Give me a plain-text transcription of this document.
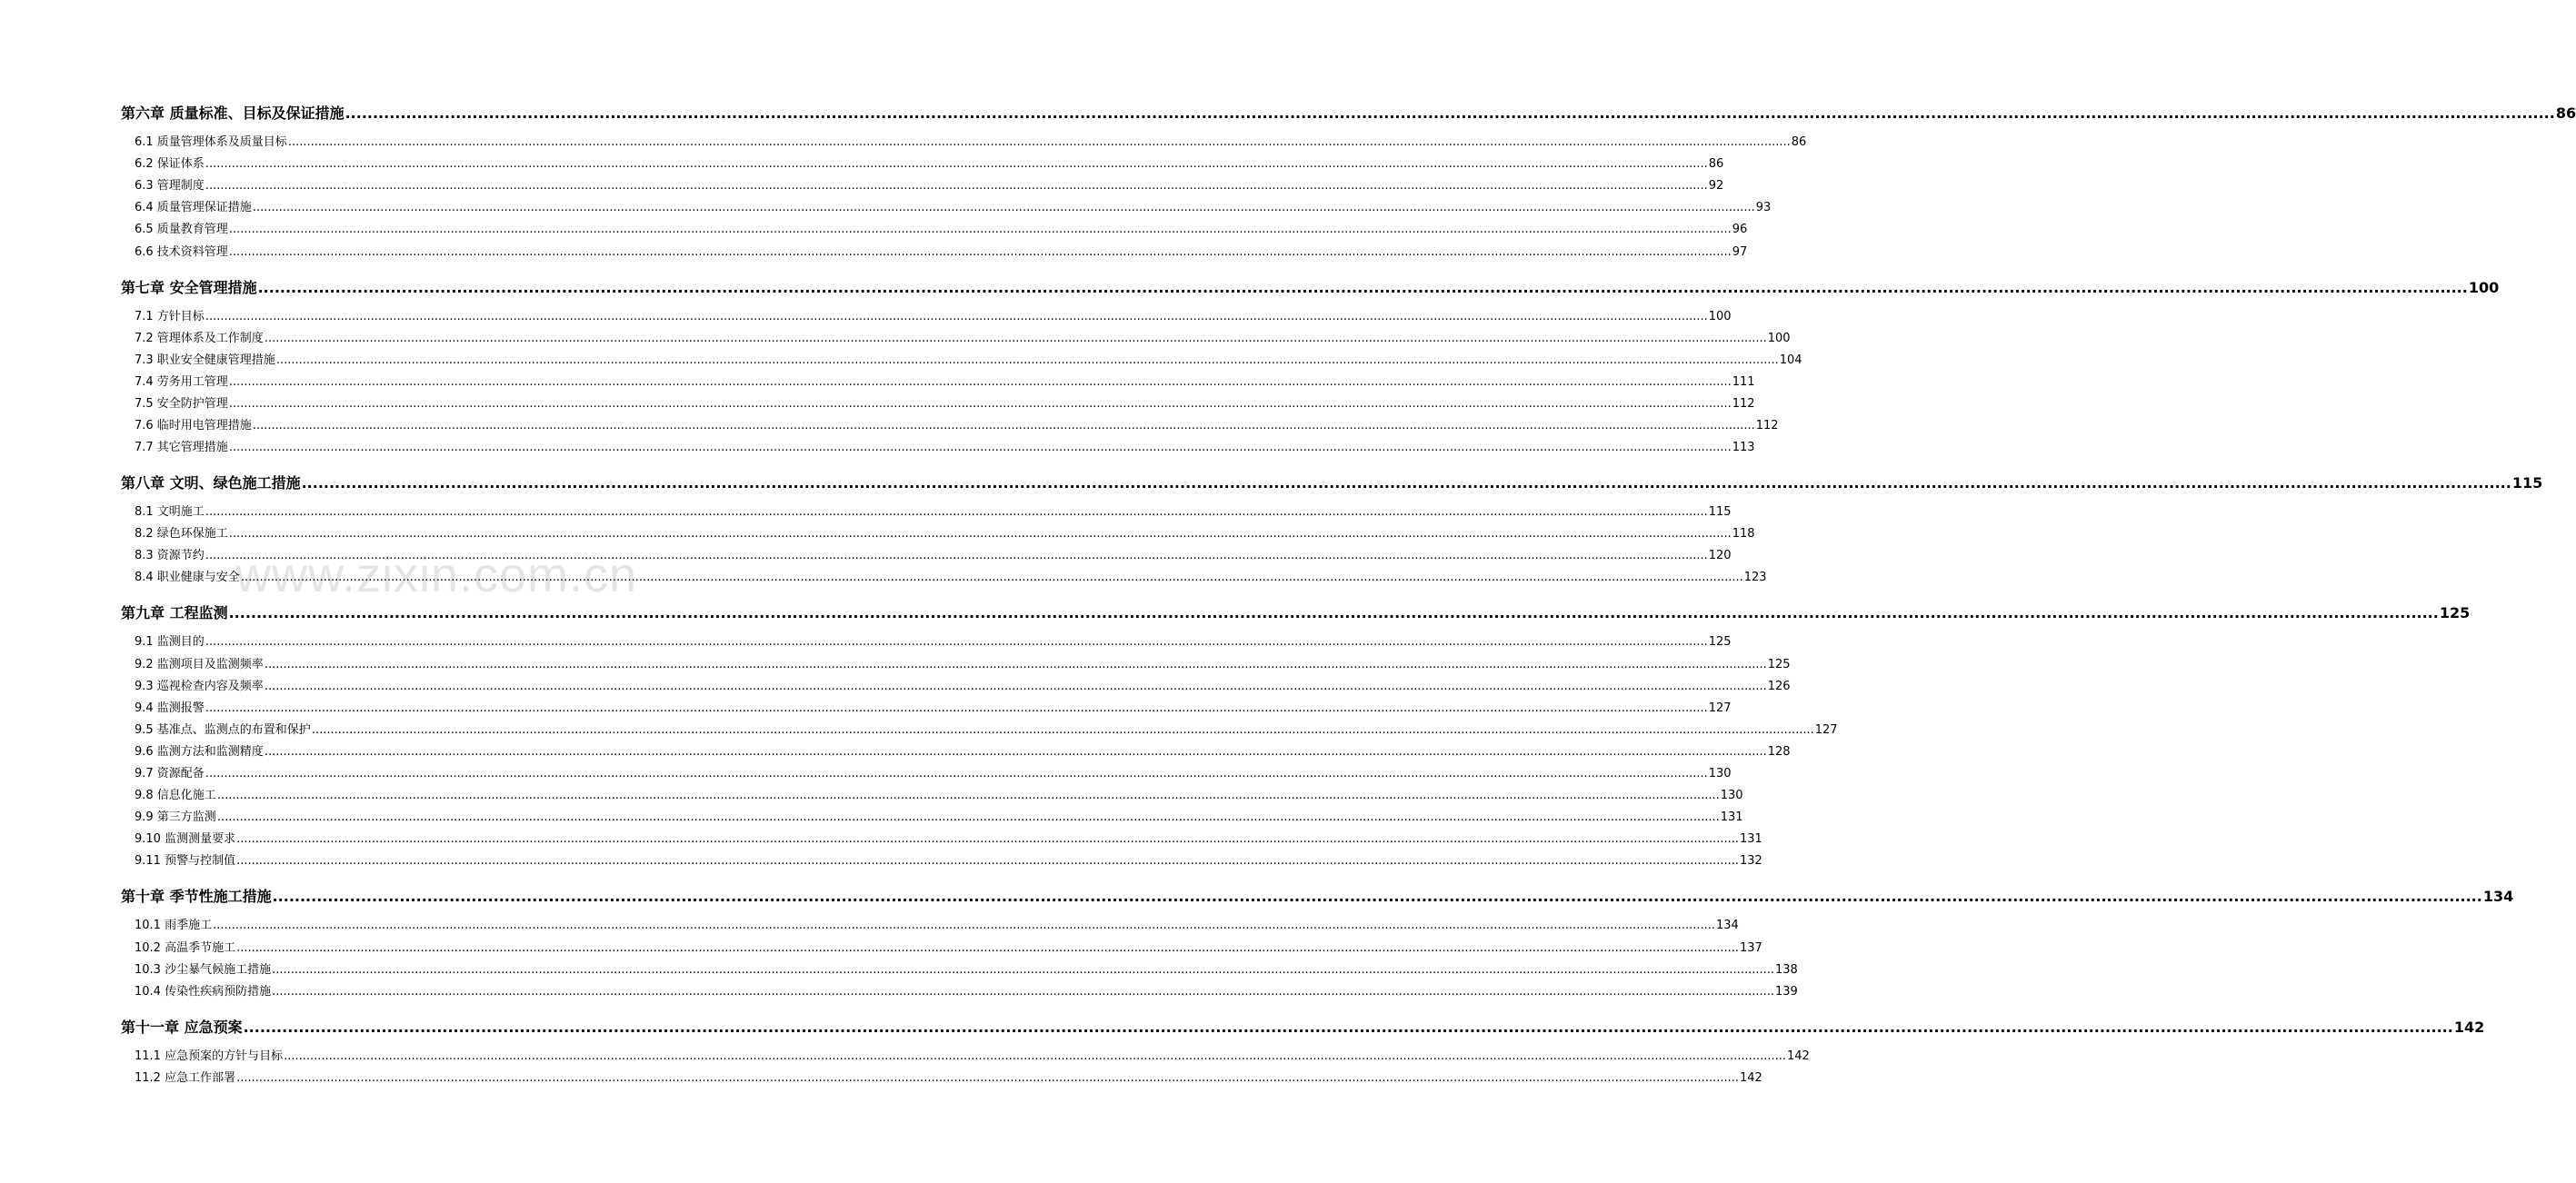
第六章 质量标准、目标及保证措施 ................................................................................................................................................................................................................................................................................................................................................................................................................ 86
6.1 质量管理体系及质量目标 ................................................................................................................................................................................................................................................................................................................................................................................................................ 86
6.2 保证体系 ................................................................................................................................................................................................................................................................................................................................................................................................................ 86
6.3 管理制度 ................................................................................................................................................................................................................................................................................................................................................................................................................ 92
6.4 质量管理保证措施 ................................................................................................................................................................................................................................................................................................................................................................................................................ 93
6.5 质量教育管理 ................................................................................................................................................................................................................................................................................................................................................................................................................ 96
6.6 技术资料管理 ................................................................................................................................................................................................................................................................................................................................................................................................................ 97
第七章 安全管理措施 ................................................................................................................................................................................................................................................................................................................................................................................................................ 100
7.1 方针目标 ................................................................................................................................................................................................................................................................................................................................................................................................................ 100
7.2 管理体系及工作制度 ................................................................................................................................................................................................................................................................................................................................................................................................................ 100
7.3 职业安全健康管理措施 ................................................................................................................................................................................................................................................................................................................................................................................................................ 104
7.4 劳务用工管理 ................................................................................................................................................................................................................................................................................................................................................................................................................ 111
7.5 安全防护管理 ................................................................................................................................................................................................................................................................................................................................................................................................................ 112
7.6 临时用电管理措施 ................................................................................................................................................................................................................................................................................................................................................................................................................ 112
7.7 其它管理措施 ................................................................................................................................................................................................................................................................................................................................................................................................................ 113
第八章 文明、绿色施工措施 ................................................................................................................................................................................................................................................................................................................................................................................................................ 115
8.1 文明施工 ................................................................................................................................................................................................................................................................................................................................................................................................................ 115
8.2 绿色环保施工 ................................................................................................................................................................................................................................................................................................................................................................................................................ 118
8.3 资源节约 ................................................................................................................................................................................................................................................................................................................................................................................................................ 120
8.4 职业健康与安全 ................................................................................................................................................................................................................................................................................................................................................................................................................ 123
第九章 工程监测 ................................................................................................................................................................................................................................................................................................................................................................................................................ 125
9.1 监测目的 ................................................................................................................................................................................................................................................................................................................................................................................................................ 125
9.2 监测项目及监测频率 ................................................................................................................................................................................................................................................................................................................................................................................................................ 125
9.3 巡视检查内容及频率 ................................................................................................................................................................................................................................................................................................................................................................................................................ 126
9.4 监测报警 ................................................................................................................................................................................................................................................................................................................................................................................................................ 127
9.5 基准点、监测点的布置和保护 ................................................................................................................................................................................................................................................................................................................................................................................................................ 127
9.6 监测方法和监测精度 ................................................................................................................................................................................................................................................................................................................................................................................................................ 128
9.7 资源配备 ................................................................................................................................................................................................................................................................................................................................................................................................................ 130
9.8 信息化施工 ................................................................................................................................................................................................................................................................................................................................................................................................................ 130
9.9 第三方监测 ................................................................................................................................................................................................................................................................................................................................................................................................................ 131
9.10 监测测量要求 ................................................................................................................................................................................................................................................................................................................................................................................................................ 131
9.11 预警与控制值 ................................................................................................................................................................................................................................................................................................................................................................................................................ 132
第十章 季节性施工措施 ................................................................................................................................................................................................................................................................................................................................................................................................................ 134
10.1 雨季施工 ................................................................................................................................................................................................................................................................................................................................................................................................................ 134
10.2 高温季节施工 ................................................................................................................................................................................................................................................................................................................................................................................................................ 137
10.3 沙尘暴气候施工措施 ................................................................................................................................................................................................................................................................................................................................................................................................................ 138
10.4 传染性疾病预防措施 ................................................................................................................................................................................................................................................................................................................................................................................................................ 139
第十一章 应急预案 ................................................................................................................................................................................................................................................................................................................................................................................................................ 142
11.1 应急预案的方针与目标 ................................................................................................................................................................................................................................................................................................................................................................................................................ 142
11.2 应急工作部署 ................................................................................................................................................................................................................................................................................................................................................................................................................ 142
www.zixin.com.cn
